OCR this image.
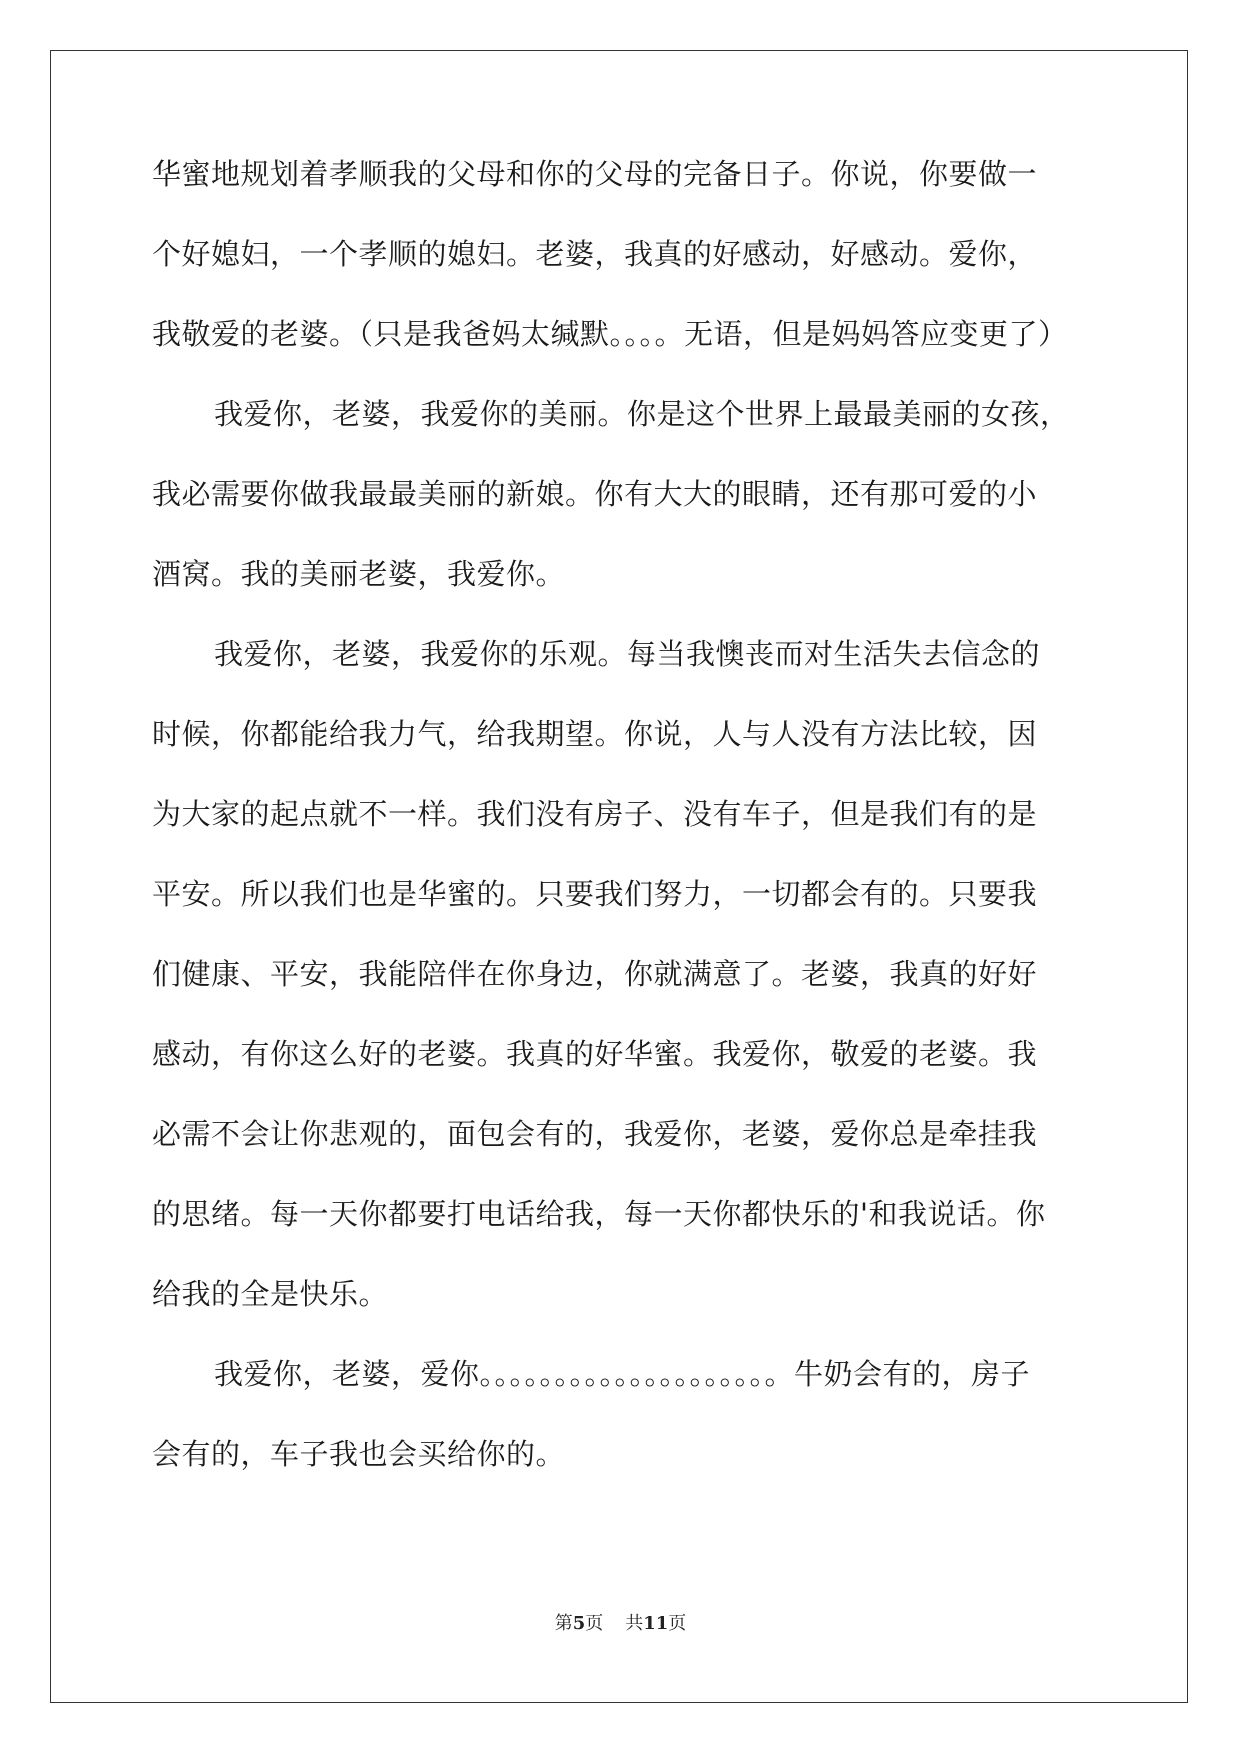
华蜜地规划着孝顺我的父母和你的父母的完备日子。你说，你要做一
个好媳妇，一个孝顺的媳妇。老婆，我真的好感动，好感动。爱你，
我敬爱的老婆。（只是我爸妈太缄默。。。。无语，但是妈妈答应变更了）
我爱你，老婆，我爱你的美丽。你是这个世界上最最美丽的女孩，
我必需要你做我最最美丽的新娘。你有大大的眼睛，还有那可爱的小
酒窝。我的美丽老婆，我爱你。
我爱你，老婆，我爱你的乐观。每当我懊丧而对生活失去信念的
时候，你都能给我力气，给我期望。你说，人与人没有方法比较，因
为大家的起点就不一样。我们没有房子、没有车子，但是我们有的是
平安。所以我们也是华蜜的。只要我们努力，一切都会有的。只要我
们健康、平安，我能陪伴在你身边，你就满意了。老婆，我真的好好
感动，有你这么好的老婆。我真的好华蜜。我爱你，敬爱的老婆。我
必需不会让你悲观的，面包会有的，我爱你，老婆，爱你总是牵挂我
的思绪。每一天你都要打电话给我，每一天你都快乐的'和我说话。你
给我的全是快乐。
我爱你，老婆，爱你。。。。。。。。。。。。。。。。。。。。牛奶会有的，房子
会有的，车子我也会买给你的。
第5页 共11页
